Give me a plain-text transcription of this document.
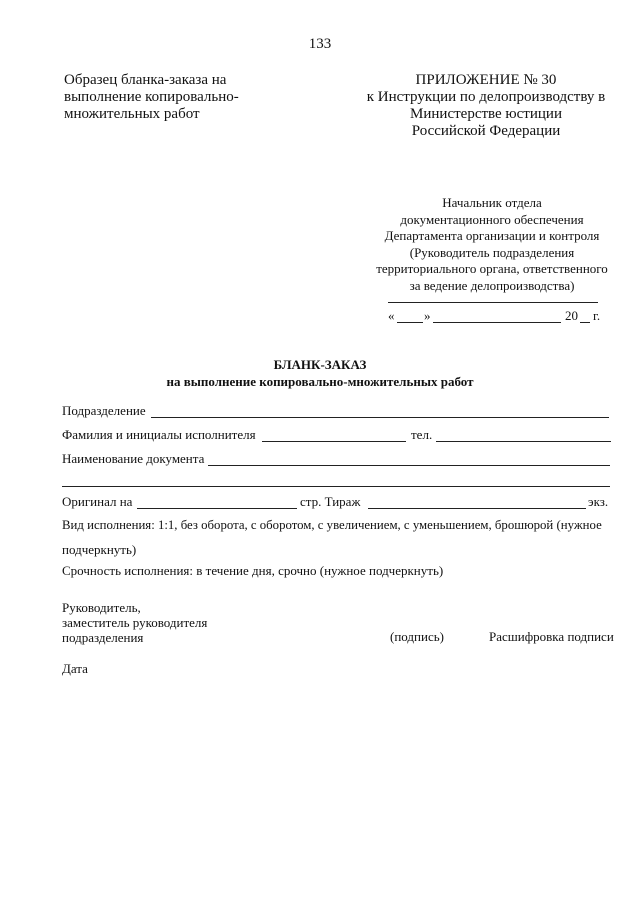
133
Образец бланка-заказа на
выполнение копировально-
множительных работ
ПРИЛОЖЕНИЕ № 30
к Инструкции по делопроизводству в
Министерстве юстиции
Российской Федерации
Начальник отдела
документационного обеспечения
Департамента организации и контроля
(Руководитель подразделения
территориального органа, ответственного
за ведение делопроизводства)
« »	20 г.
БЛАНК-ЗАКАЗ
на выполнение копировально-множительных работ
Подразделение
Фамилия и инициалы исполнителя	тел.
Наименование документа
Оригинал на	стр. Тираж	экз.
Вид исполнения: 1:1, без оборота, с оборотом, с увеличением, с уменьшением, брошюрой (нужное
подчеркнуть)
Срочность исполнения: в течение дня, срочно (нужное подчеркнуть)
Руководитель,
заместитель руководителя
подразделения	(подпись)	Расшифровка подписи
Дата
